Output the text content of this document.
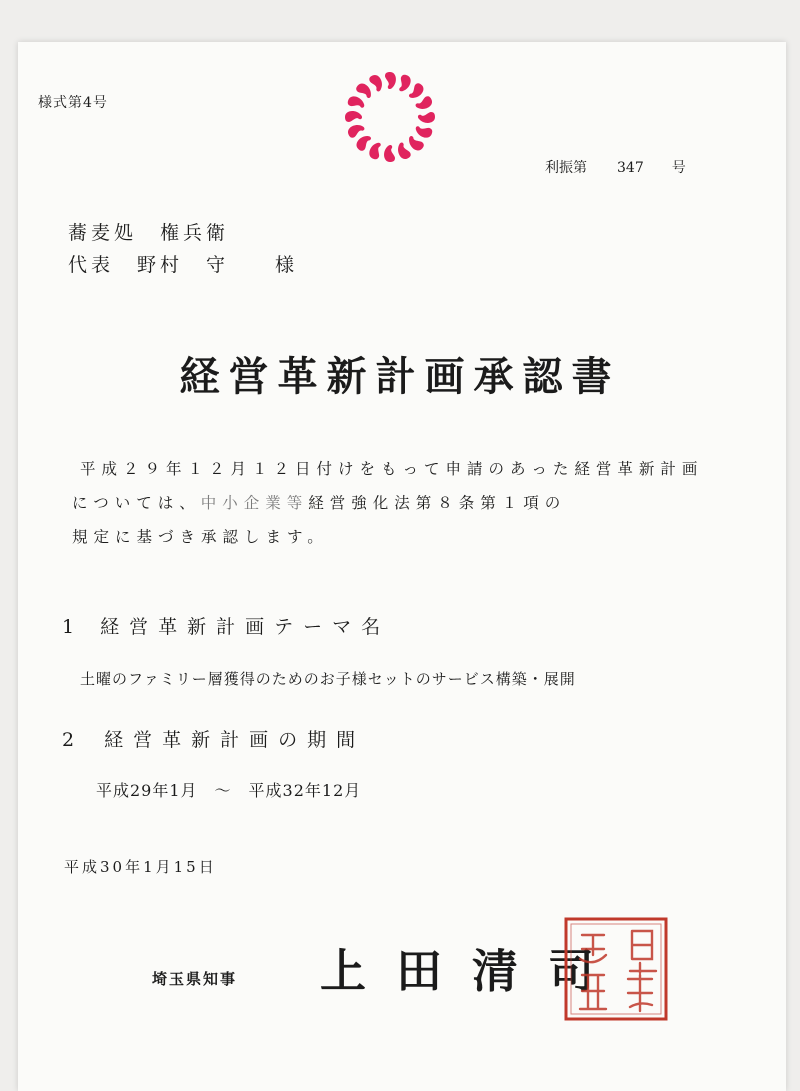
様式第4号
利振第 347 号
蕎麦処　権兵衛
代表　野村　守　　様
経営革新計画承認書
平成２９年１２月１２日付けをもって申請のあった経営革新計画
については、中小企業等経営強化法第８条第１項の
規定に基づき承認します。
1 経営革新計画テーマ名
土曜のファミリー層獲得のためのお子様セットのサービス構築・展開
2 経営革新計画の期間
平成29年1月　～　平成32年12月
平成30年1月15日
埼玉県知事 上田清司
